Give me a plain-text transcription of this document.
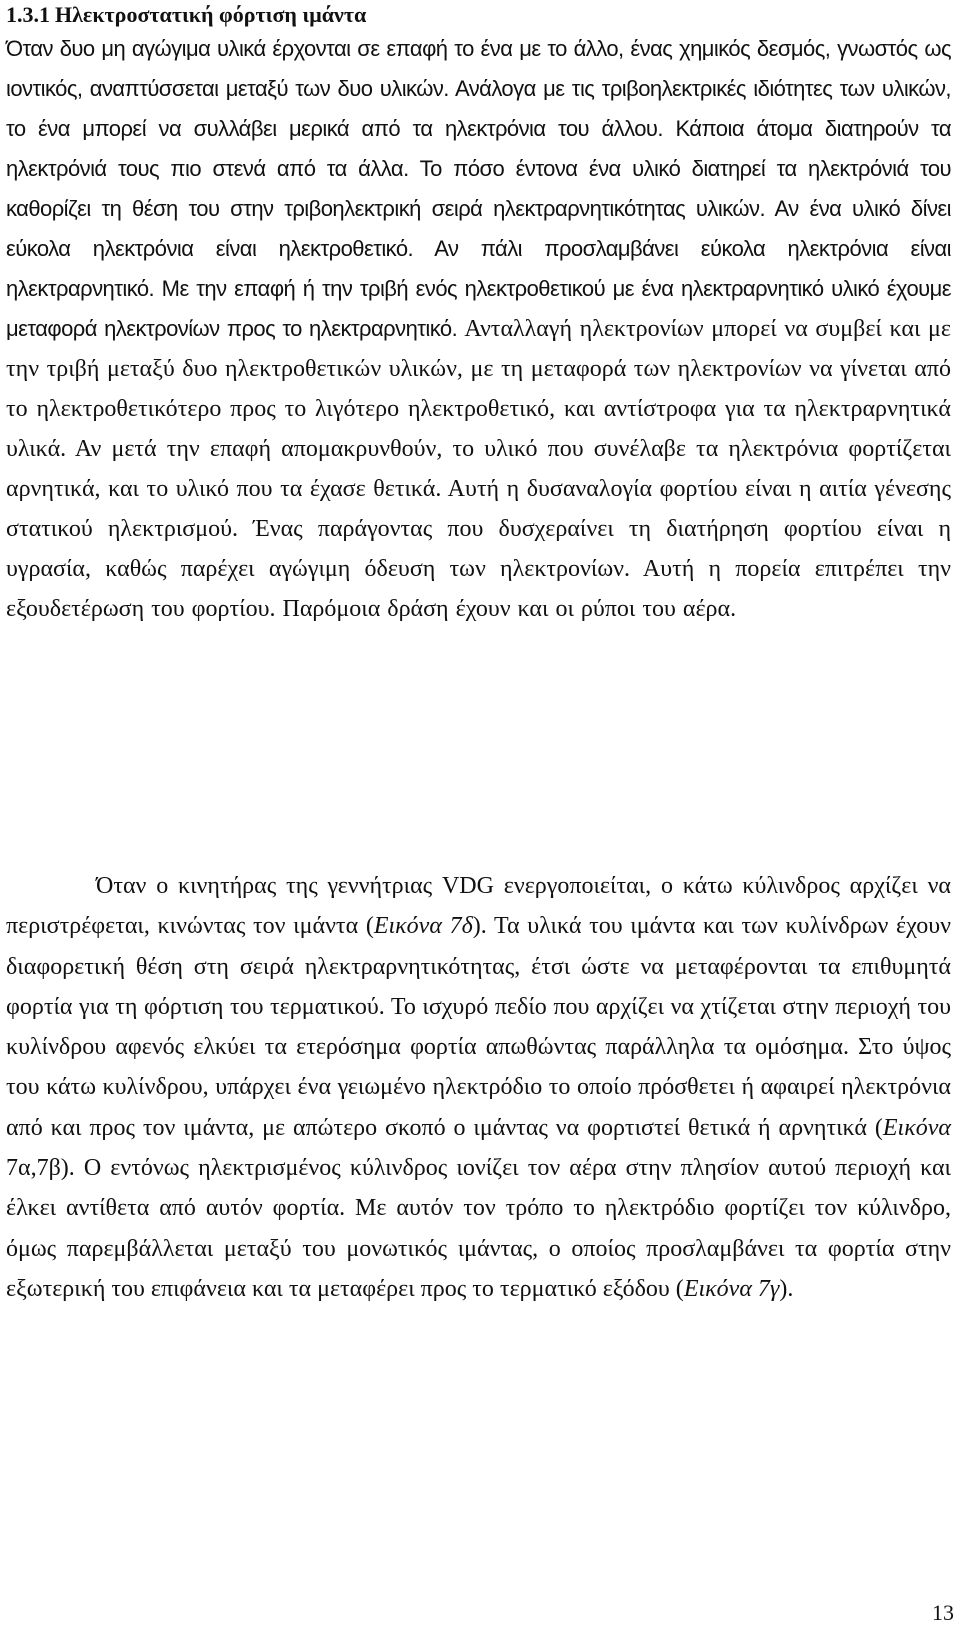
1.3.1 Ηλεκτροστατική φόρτιση ιμάντα

Όταν δυο μη αγώγιμα υλικά έρχονται σε επαφή το ένα με το άλλο, ένας χημικός δεσμός, γνωστός ως ιοντικός, αναπτύσσεται μεταξύ των δυο υλικών. Ανάλογα με τις τριβοηλεκτρικές ιδιότητες των υλικών, το ένα μπορεί να συλλάβει μερικά από τα ηλεκτρόνια του άλλου. Κάποια άτομα διατηρούν τα ηλεκτρόνιά τους πιο στενά από τα άλλα. Το πόσο έντονα ένα υλικό διατηρεί τα ηλεκτρόνιά του καθορίζει τη θέση του στην τριβοηλεκτρική σειρά ηλεκτραρνητικότητας υλικών. Αν ένα υλικό δίνει εύκολα ηλεκτρόνια είναι ηλεκτροθετικό. Αν πάλι προσλαμβάνει εύκολα ηλεκτρόνια είναι ηλεκτραρνητικό. Με την επαφή ή την τριβή ενός ηλεκτροθετικού με ένα ηλεκτραρνητικό υλικό έχουμε μεταφορά ηλεκτρονίων προς το ηλεκτραρνητικό. Ανταλλαγή ηλεκτρονίων μπορεί να συμβεί και με την τριβή μεταξύ δυο ηλεκτροθετικών υλικών, με τη μεταφορά των ηλεκτρονίων να γίνεται από το ηλεκτροθετικότερο προς το λιγότερο ηλεκτροθετικό, και αντίστροφα για τα ηλεκτραρνητικά υλικά. Αν μετά την επαφή απομακρυνθούν, το υλικό που συνέλαβε τα ηλεκτρόνια φορτίζεται αρνητικά, και το υλικό που τα έχασε θετικά. Αυτή η δυσαναλογία φορτίου είναι η αιτία γένεσης στατικού ηλεκτρισμού. Ένας παράγοντας που δυσχεραίνει τη διατήρηση φορτίου είναι η υγρασία, καθώς παρέχει αγώγιμη όδευση των ηλεκτρονίων. Αυτή η πορεία επιτρέπει την εξουδετέρωση του φορτίου. Παρόμοια δράση έχουν και οι ρύποι του αέρα.

Όταν ο κινητήρας της γεννήτριας VDG ενεργοποιείται, ο κάτω κύλινδρος αρχίζει να περιστρέφεται, κινώντας τον ιμάντα (Εικόνα 7δ). Τα υλικά του ιμάντα και των κυλίνδρων έχουν διαφορετική θέση στη σειρά ηλεκτραρνητικότητας, έτσι ώστε να μεταφέρονται τα επιθυμητά φορτία για τη φόρτιση του τερματικού. Το ισχυρό πεδίο που αρχίζει να χτίζεται στην περιοχή του κυλίνδρου αφενός ελκύει τα ετερόσημα φορτία απωθώντας παράλληλα τα ομόσημα. Στο ύψος του κάτω κυλίνδρου, υπάρχει ένα γειωμένο ηλεκτρόδιο το οποίο πρόσθετει ή αφαιρεί ηλεκτρόνια από και προς τον ιμάντα, με απώτερο σκοπό ο ιμάντας να φορτιστεί θετικά ή αρνητικά (Εικόνα 7α,7β). Ο εντόνως ηλεκτρισμένος κύλινδρος ιονίζει τον αέρα στην πλησίον αυτού περιοχή και έλκει αντίθετα από αυτόν φορτία. Με αυτόν τον τρόπο το ηλεκτρόδιο φορτίζει τον κύλινδρο, όμως παρεμβάλλεται μεταξύ του μονωτικός ιμάντας, ο οποίος προσλαμβάνει τα φορτία στην εξωτερική του επιφάνεια και τα μεταφέρει προς το τερματικό εξόδου (Εικόνα 7γ).

13
